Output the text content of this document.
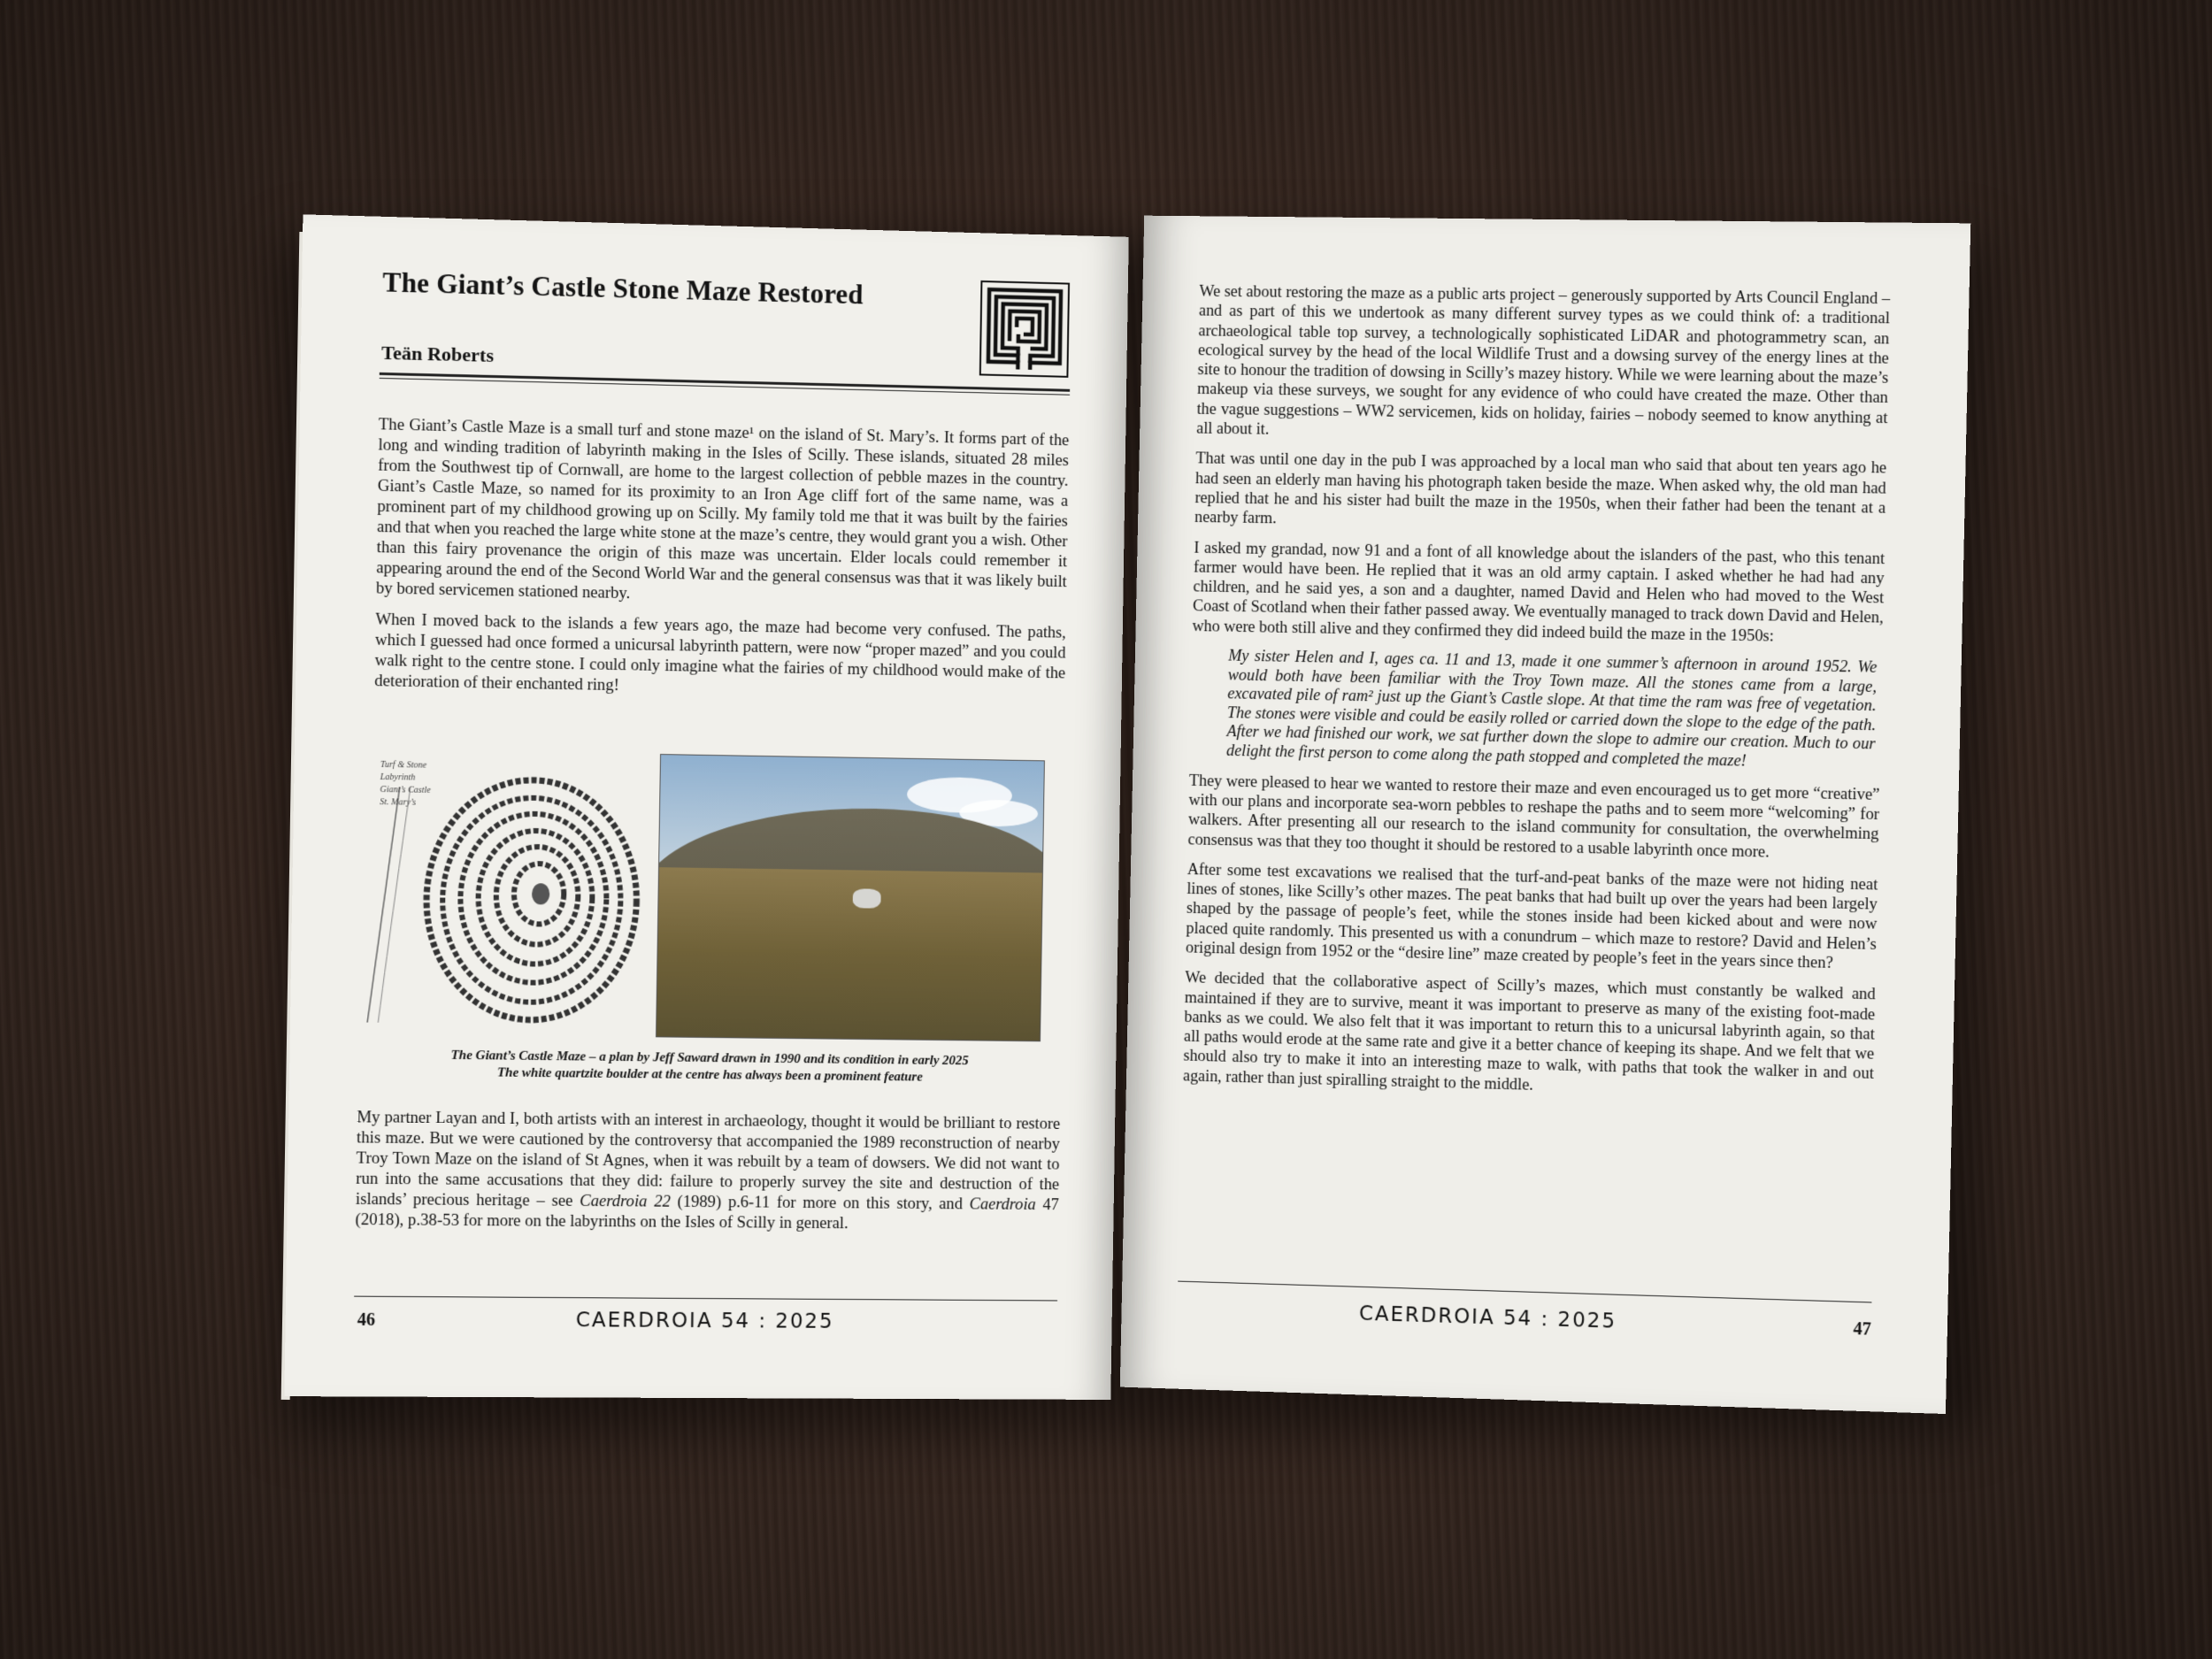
The Giant’s Castle Stone Maze Restored
Teän Roberts

The Giant’s Castle Maze is a small turf and stone maze¹ on the island of St. Mary’s. It forms part of the long and winding tradition of labyrinth making in the Isles of Scilly. These islands, situated 28 miles from the Southwest tip of Cornwall, are home to the largest collection of pebble mazes in the country. Giant’s Castle Maze, so named for its proximity to an Iron Age cliff fort of the same name, was a prominent part of my childhood growing up on Scilly. My family told me that it was built by the fairies and that when you reached the large white stone at the maze’s centre, they would grant you a wish. Other than this fairy provenance the origin of this maze was uncertain. Elder locals could remember it appearing around the end of the Second World War and the general consensus was that it was likely built by bored servicemen stationed nearby.

When I moved back to the islands a few years ago, the maze had become very confused. The paths, which I guessed had once formed a unicursal labyrinth pattern, were now “proper mazed” and you could walk right to the centre stone. I could only imagine what the fairies of my childhood would make of the deterioration of their enchanted ring!

Turf & Stone
Labyrinth
Giant’s Castle
St. Mary’s
The Giant’s Castle Maze – a plan by Jeff Saward drawn in 1990 and its condition in early 2025
The white quartzite boulder at the centre has always been a prominent feature

My partner Layan and I, both artists with an interest in archaeology, thought it would be brilliant to restore this maze. But we were cautioned by the controversy that accompanied the 1989 reconstruction of nearby Troy Town Maze on the island of St Agnes, when it was rebuilt by a team of dowsers. We did not want to run into the same accusations that they did: failure to properly survey the site and destruction of the islands’ precious heritage – see Caerdroia 22 (1989) p.6-11 for more on this story, and Caerdroia 47 (2018), p.38-53 for more on the labyrinths on the Isles of Scilly in general.

46	CAERDROIA 54 : 2025

We set about restoring the maze as a public arts project – generously supported by Arts Council England – and as part of this we undertook as many different survey types as we could think of: a traditional archaeological table top survey, a technologically sophisticated LiDAR and photogrammetry scan, an ecological survey by the head of the local Wildlife Trust and a dowsing survey of the energy lines at the site to honour the tradition of dowsing in Scilly’s mazey history. While we were learning about the maze’s makeup via these surveys, we sought for any evidence of who could have created the maze. Other than the vague suggestions – WW2 servicemen, kids on holiday, fairies – nobody seemed to know anything at all about it.

That was until one day in the pub I was approached by a local man who said that about ten years ago he had seen an elderly man having his photograph taken beside the maze. When asked why, the old man had replied that he and his sister had built the maze in the 1950s, when their father had been the tenant at a nearby farm.

I asked my grandad, now 91 and a font of all knowledge about the islanders of the past, who this tenant farmer would have been. He replied that it was an old army captain. I asked whether he had had any children, and he said yes, a son and a daughter, named David and Helen who had moved to the West Coast of Scotland when their father passed away. We eventually managed to track down David and Helen, who were both still alive and they confirmed they did indeed build the maze in the 1950s:

My sister Helen and I, ages ca. 11 and 13, made it one summer’s afternoon in around 1952. We would both have been familiar with the Troy Town maze. All the stones came from a large, excavated pile of ram² just up the Giant’s Castle slope. At that time the ram was free of vegetation. The stones were visible and could be easily rolled or carried down the slope to the edge of the path. After we had finished our work, we sat further down the slope to admire our creation. Much to our delight the first person to come along the path stopped and completed the maze!

They were pleased to hear we wanted to restore their maze and even encouraged us to get more “creative” with our plans and incorporate sea-worn pebbles to reshape the paths and to seem more “welcoming” for walkers. After presenting all our research to the island community for consultation, the overwhelming consensus was that they too thought it should be restored to a usable labyrinth once more.

After some test excavations we realised that the turf-and-peat banks of the maze were not hiding neat lines of stones, like Scilly’s other mazes. The peat banks that had built up over the years had been largely shaped by the passage of people’s feet, while the stones inside had been kicked about and were now placed quite randomly. This presented us with a conundrum – which maze to restore? David and Helen’s original design from 1952 or the “desire line” maze created by people’s feet in the years since then?

We decided that the collaborative aspect of Scilly’s mazes, which must constantly be walked and maintained if they are to survive, meant it was important to preserve as many of the existing foot-made banks as we could. We also felt that it was important to return this to a unicursal labyrinth again, so that all paths would erode at the same rate and give it a better chance of keeping its shape. And we felt that we should also try to make it into an interesting maze to walk, with paths that took the walker in and out again, rather than just spiralling straight to the middle.

CAERDROIA 54 : 2025	47
